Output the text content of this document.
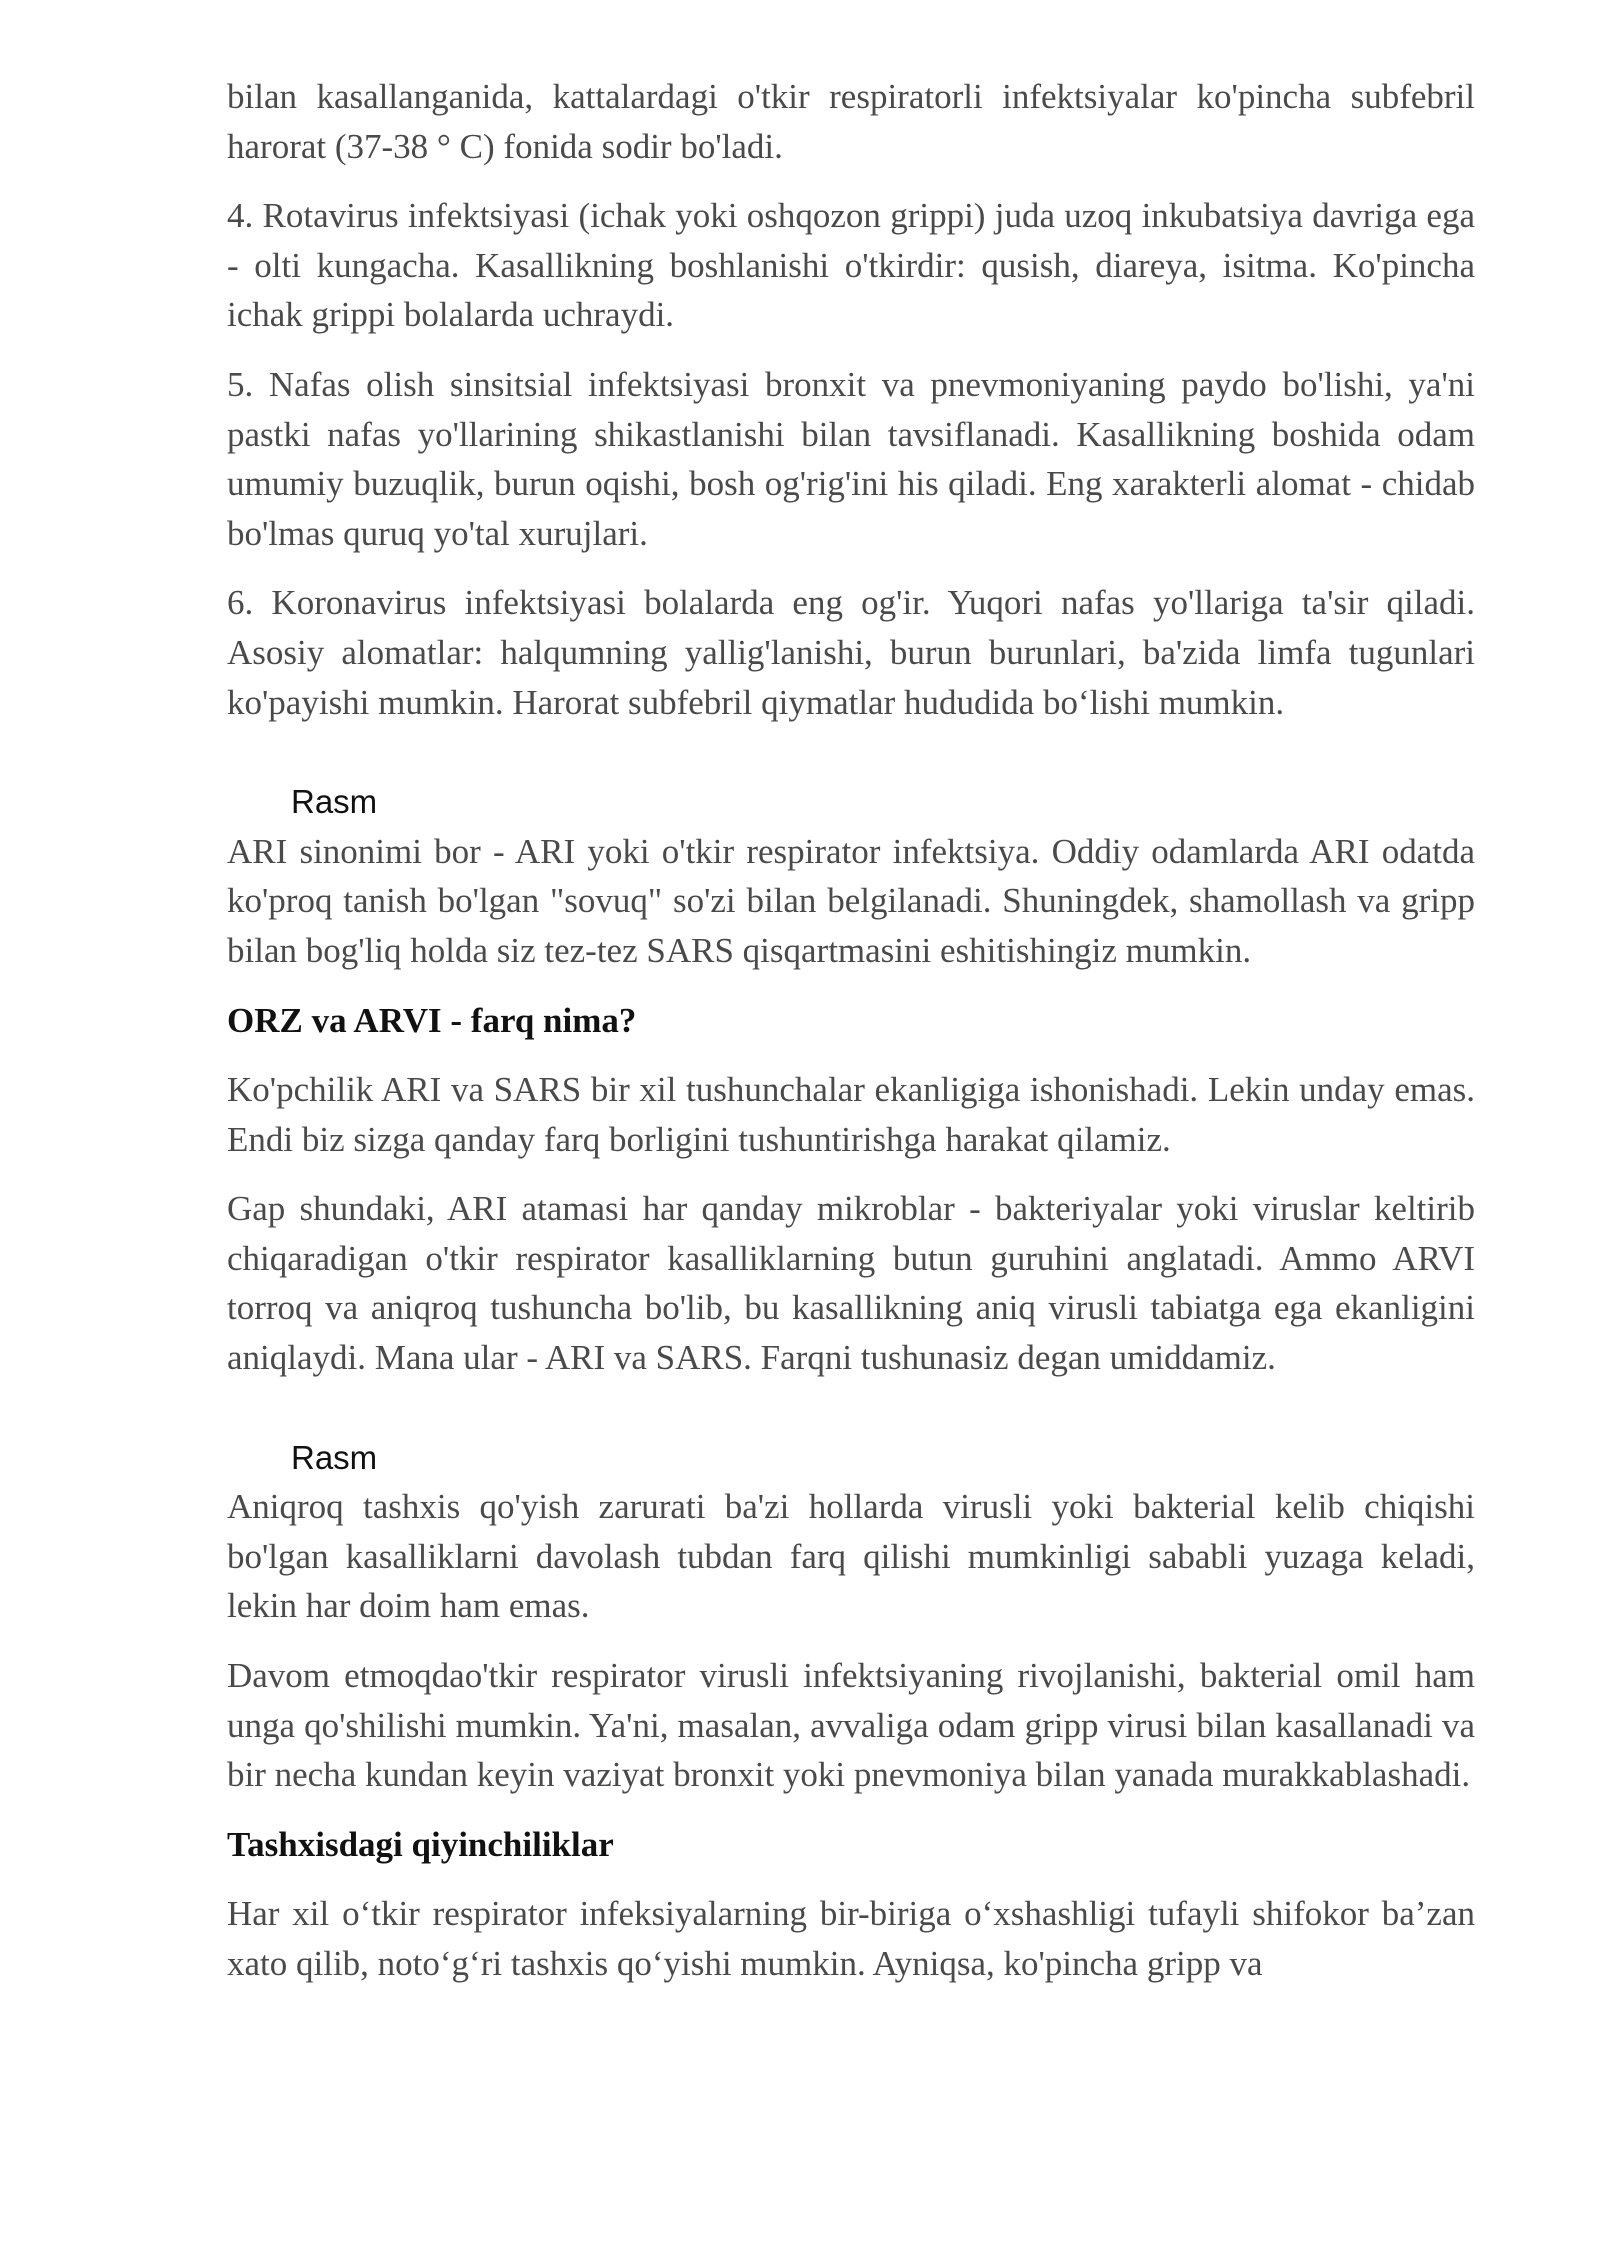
bilan kasallanganida, kattalardagi o'tkir respiratorli infektsiyalar ko'pincha subfebril harorat (37-38 ° C) fonida sodir bo'ladi.

4. Rotavirus infektsiyasi (ichak yoki oshqozon grippi) juda uzoq inkubatsiya davriga ega - olti kungacha. Kasallikning boshlanishi o'tkirdir: qusish, diareya, isitma. Ko'pincha ichak grippi bolalarda uchraydi.

5. Nafas olish sinsitsial infektsiyasi bronxit va pnevmoniyaning paydo bo'lishi, ya'ni pastki nafas yo'llarining shikastlanishi bilan tavsiflanadi. Kasallikning boshida odam umumiy buzuqlik, burun oqishi, bosh og'rig'ini his qiladi. Eng xarakterli alomat - chidab bo'lmas quruq yo'tal xurujlari.

6. Koronavirus infektsiyasi bolalarda eng og'ir. Yuqori nafas yo'llariga ta'sir qiladi. Asosiy alomatlar: halqumning yallig'lanishi, burun burunlari, ba'zida limfa tugunlari ko'payishi mumkin. Harorat subfebril qiymatlar hududida bo‘lishi mumkin.

Rasm

ARI sinonimi bor - ARI yoki o'tkir respirator infektsiya. Oddiy odamlarda ARI odatda ko'proq tanish bo'lgan "sovuq" so'zi bilan belgilanadi. Shuningdek, shamollash va gripp bilan bog'liq holda siz tez-tez SARS qisqartmasini eshitishingiz mumkin.

ORZ va ARVI - farq nima?

Ko'pchilik ARI va SARS bir xil tushunchalar ekanligiga ishonishadi. Lekin unday emas. Endi biz sizga qanday farq borligini tushuntirishga harakat qilamiz.

Gap shundaki, ARI atamasi har qanday mikroblar - bakteriyalar yoki viruslar keltirib chiqaradigan o'tkir respirator kasalliklarning butun guruhini anglatadi. Ammo ARVI torroq va aniqroq tushuncha bo'lib, bu kasallikning aniq virusli tabiatga ega ekanligini aniqlaydi. Mana ular - ARI va SARS. Farqni tushunasiz degan umiddamiz.

Rasm

Aniqroq tashxis qo'yish zarurati ba'zi hollarda virusli yoki bakterial kelib chiqishi bo'lgan kasalliklarni davolash tubdan farq qilishi mumkinligi sababli yuzaga keladi, lekin har doim ham emas.

Davom etmoqdao'tkir respirator virusli infektsiyaning rivojlanishi, bakterial omil ham unga qo'shilishi mumkin. Ya'ni, masalan, avvaliga odam gripp virusi bilan kasallanadi va bir necha kundan keyin vaziyat bronxit yoki pnevmoniya bilan yanada murakkablashadi.

Tashxisdagi qiyinchiliklar

Har xil o‘tkir respirator infeksiyalarning bir-biriga o‘xshashligi tufayli shifokor ba’zan xato qilib, noto‘g‘ri tashxis qo‘yishi mumkin. Ayniqsa, ko'pincha gripp va
